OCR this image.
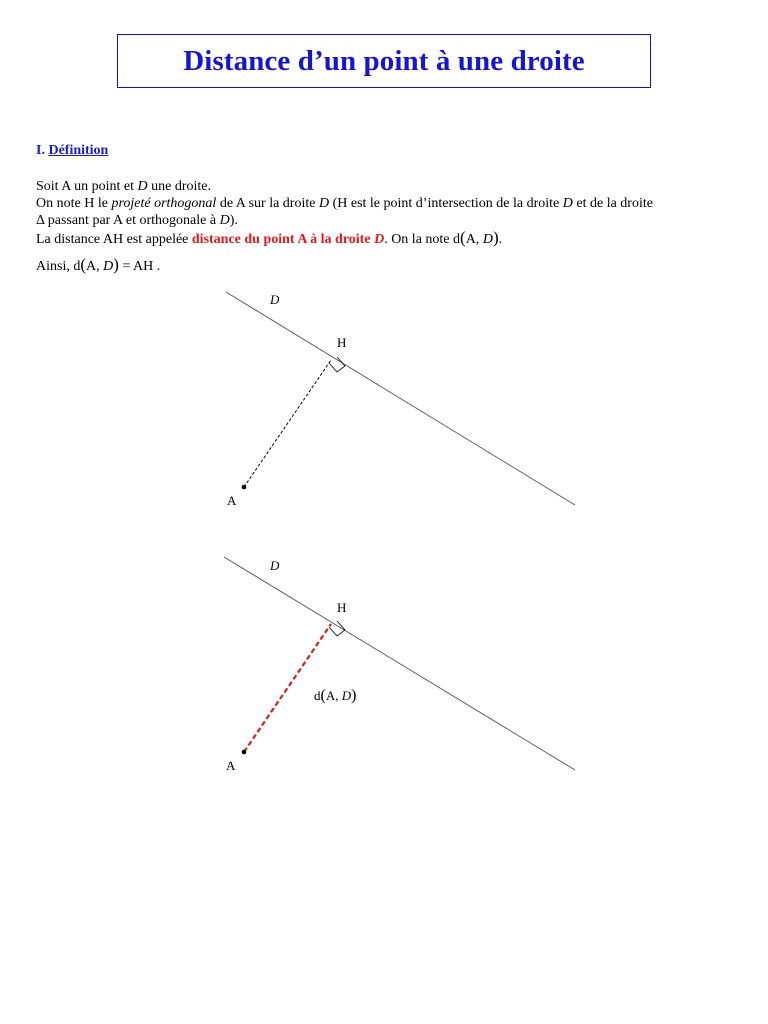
Distance d’un point à une droite
I. Définition
Soit A un point et D une droite.
On note H le projeté orthogonal de A sur la droite D (H est le point d’intersection de la droite D et de la droite
Δ passant par A et orthogonale à D).
La distance AH est appelée distance du point A à la droite D. On la note d(A, D).
Ainsi, d(A, D) = AH .
D
H
A
D
H
A
d(A, D)
